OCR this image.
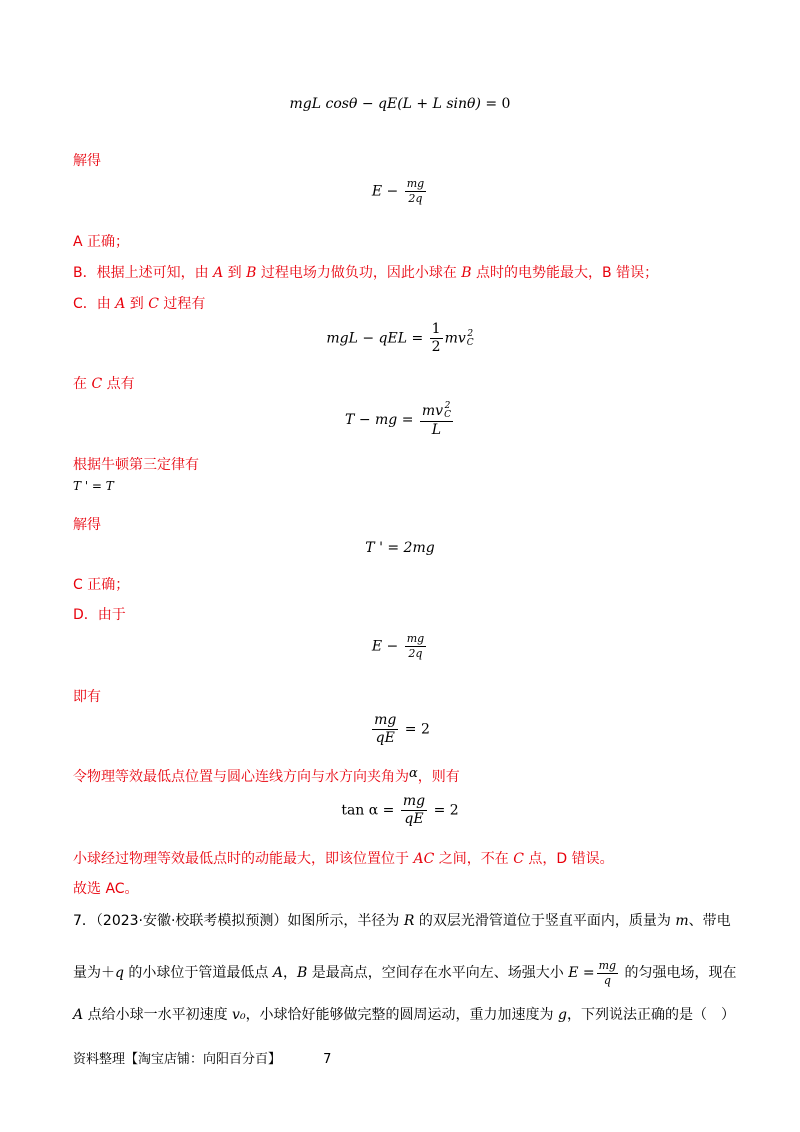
mgL cosθ − qE(L + L sinθ) = 0
解得
$E - \frac{mg}{2q}$
A 正确；
B．根据上述可知，由 A 到 B 过程电场力做负功，因此小球在 B 点时的电势能最大，B 错误；
C．由 A 到 C 过程有
mgL − qEL = $\frac{1}{2}$ mv 2
C
在 C 点有
T − mg = mv 2
C
L
根据牛顿第三定律有
T ' = T
解得
T ' = 2mg
C 正确；
D．由于
$E - \frac{mg}{2q}$
即有
$\frac{mg}{qE} = 2$
令物理等效最低点位置与圆心连线方向与水方向夹角为α，则有
$\tan \alpha = \frac{mg}{qE} = 2$
小球经过物理等效最低点时的动能最大，即该位置位于 AC 之间，不在 C 点，D 错误。
故选 AC。
7．（2023·安徽·校联考模拟预测）如图所示，半径为 R 的双层光滑管道位于竖直平面内，质量为 m、带电
量为＋q 的小球位于管道最低点 A，B 是最高点，空间存在水平向左、场强大小 $E = \frac{mg}{q}$ 的匀强电场，现在
A 点给小球一水平初速度 v₀，小球恰好能够做完整的圆周运动，重力加速度为 g，下列说法正确的是（　）
资料整理【淘宝店铺：向阳百分百】	7
